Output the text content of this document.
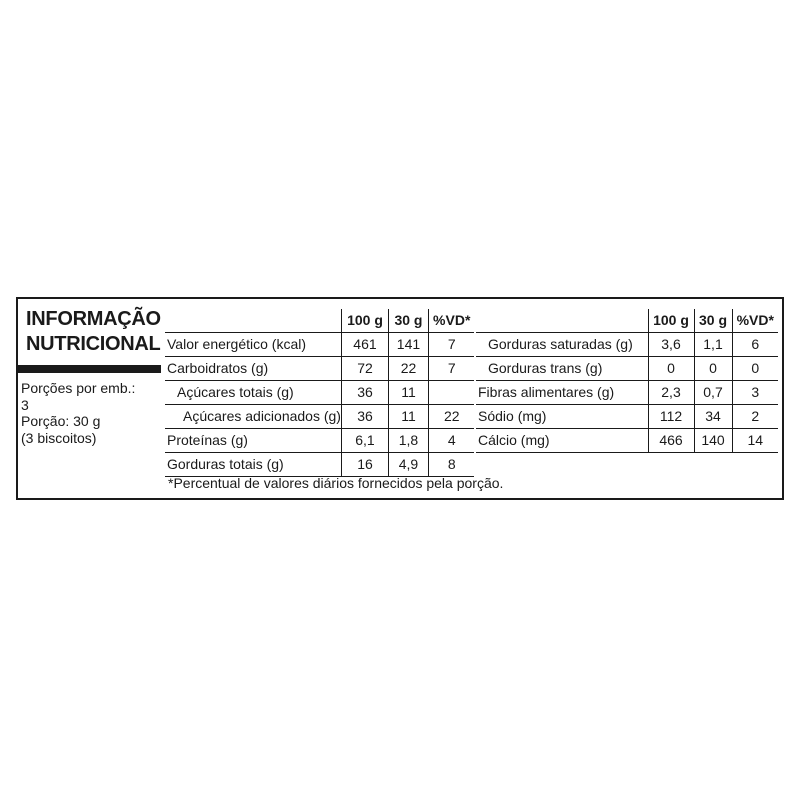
INFORMAÇÃO
NUTRICIONAL
Porções por emb.:
3
Porção: 30 g
(3 biscoitos)
	100 g	30 g	%VD*
Valor energético (kcal)	461	141	7
Carboidratos (g)	72	22	7
Açúcares totais (g)	36	11	
Açúcares adicionados (g)	36	11	22
Proteínas (g)	6,1	1,8	4
Gorduras totais (g)	16	4,9	8
	100 g	30 g	%VD*
Gorduras saturadas (g)	3,6	1,1	6
Gorduras trans (g)	0	0	0
Fibras alimentares (g)	2,3	0,7	3
Sódio (mg)	112	34	2
Cálcio (mg)	466	140	14
*Percentual de valores diários fornecidos pela porção.
